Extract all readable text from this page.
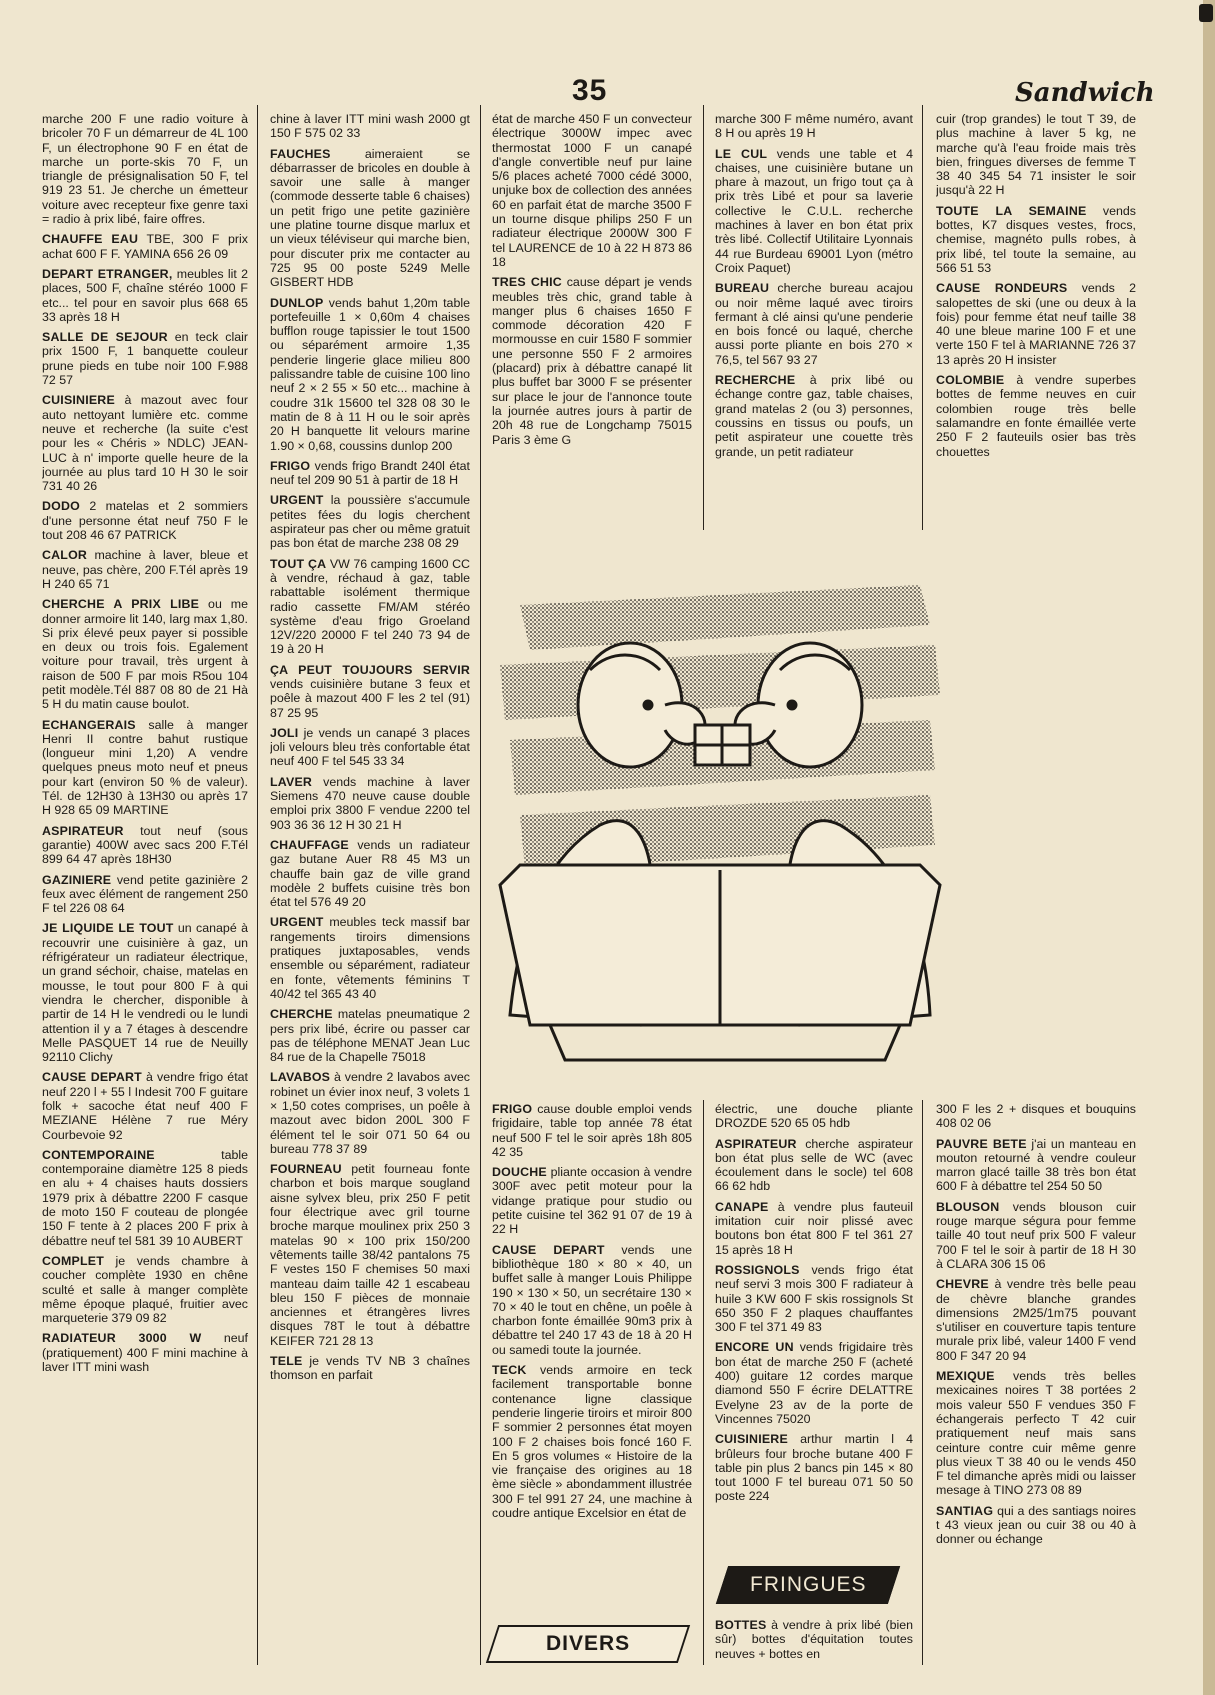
35	Sandwich

marche 200 F une radio voiture à bricoler 70 F un démarreur de 4L 100 F, un électrophone 90 F en état de marche un porte-skis 70 F, un triangle de présignalisation 50 F, tel 919 23 51. Je cherche un émetteur voiture avec recepteur fixe genre taxi = radio à prix libé, faire offres.

CHAUFFE EAU TBE, 300 F prix achat 600 F F. YAMINA 656 26 09

DEPART ETRANGER, meubles lit 2 places, 500 F, chaîne stéréo 1000 F etc... tel pour en savoir plus 668 65 33 après 18 H

SALLE DE SEJOUR en teck clair prix 1500 F, 1 banquette couleur prune pieds en tube noir 100 F.988 72 57

CUISINIERE à mazout avec four auto nettoyant lumière etc. comme neuve et recherche (la suite c'est pour les « Chéris » NDLC) JEAN-LUC à n' importe quelle heure de la journée au plus tard 10 H 30 le soir 731 40 26

DODO 2 matelas et 2 sommiers d'une personne état neuf 750 F le tout 208 46 67 PATRICK

CALOR machine à laver, bleue et neuve, pas chère, 200 F.Tél après 19 H 240 65 71

CHERCHE A PRIX LIBE ou me donner armoire lit 140, larg max 1,80. Si prix élevé peux payer si possible en deux ou trois fois. Egalement voiture pour travail, très urgent à raison de 500 F par mois R5ou 104 petit modèle.Tél 887 08 80 de 21 Hà 5 H du matin cause boulot.

ECHANGERAIS salle à manger Henri II contre bahut rustique (longueur mini 1,20) A vendre quelques pneus moto neuf et pneus pour kart (environ 50 % de valeur). Tél. de 12H30 à 13H30 ou après 17 H 928 65 09 MARTINE

ASPIRATEUR tout neuf (sous garantie) 400W avec sacs 200 F.Tél 899 64 47 après 18H30

GAZINIERE vend petite gazinière 2 feux avec élément de rangement 250 F tel 226 08 64

JE LIQUIDE LE TOUT un canapé à recouvrir une cuisinière à gaz, un réfrigérateur un radiateur électrique, un grand séchoir, chaise, matelas en mousse, le tout pour 800 F à qui viendra le chercher, disponible à partir de 14 H le vendredi ou le lundi attention il y a 7 étages à descendre Melle PASQUET 14 rue de Neuilly 92110 Clichy

CAUSE DEPART à vendre frigo état neuf 220 l + 55 l Indesit 700 F guitare folk + sacoche état neuf 400 F MEZIANE Hélène 7 rue Méry Courbevoie 92

CONTEMPORAINE	table contemporaine diamètre 125 8 pieds en alu + 4 chaises hauts dossiers 1979 prix à débattre 2200 F casque de moto 150 F couteau de plongée 150 F tente à 2 places 200 F prix à débattre neuf tel 581 39 10 AUBERT

COMPLET je vends chambre à coucher complète 1930 en chêne sculté et salle à manger complète même époque plaqué, fruitier avec marqueterie 379 09 82

RADIATEUR 3000 W neuf (pratiquement) 400 F mini machine à laver ITT mini wash

chine à laver ITT mini wash 2000 gt 150 F 575 02 33

FAUCHES	aimeraient se débarrasser de bricoles en double à savoir une salle à manger (commode desserte table 6 chaises) un petit frigo une petite gazinière une platine tourne disque marlux et un vieux téléviseur qui marche bien, pour discuter prix me contacter au 725 95 00 poste 5249 Melle GISBERT HDB

DUNLOP vends bahut 1,20m table portefeuille 1 × 0,60m 4 chaises bufflon rouge tapissier le tout 1500 ou séparément armoire 1,35 penderie lingerie glace milieu 800 palissandre table de cuisine 100 lino neuf 2 × 2 55 × 50 etc... machine à coudre 31k 15600 tel 328 08 30 le matin de 8 à 11 H ou le soir après 20 H banquette lit velours marine 1.90 × 0,68, coussins dunlop 200

FRIGO vends frigo Brandt 240l état neuf tel 209 90 51 à partir de 18 H

URGENT la poussière s'accumule petites fées du logis cherchent aspirateur pas cher ou même gratuit pas bon état de marche 238 08 29

TOUT ÇA VW 76 camping 1600 CC à vendre, réchaud à gaz, table rabattable isolément thermique radio cassette FM/AM stéréo système d'eau frigo Groeland 12V/220 20000 F tel 240 73 94 de 19 à 20 H

ÇA PEUT TOUJOURS SERVIR vends cuisinière butane 3 feux et poêle à mazout 400 F les 2 tel (91) 87 25 95

JOLI je vends un canapé 3 places joli velours bleu très confortable état neuf 400 F tel 545 33 34

LAVER vends machine à laver Siemens 470 neuve cause double emploi prix 3800 F vendue 2200 tel 903 36 36 12 H 30 21 H

CHAUFFAGE vends un radiateur gaz butane Auer R8 45 M3 un chauffe bain gaz de ville grand modèle 2 buffets cuisine très bon état tel 576 49 20

URGENT meubles teck massif bar rangements tiroirs dimensions pratiques juxtaposables, vends ensemble ou séparément, radiateur en fonte, vêtements féminins T 40/42 tel 365 43 40

CHERCHE matelas pneumatique 2 pers prix libé, écrire ou passer car pas de téléphone MENAT Jean Luc 84 rue de la Chapelle 75018

LAVABOS à vendre 2 lavabos avec robinet un évier inox neuf, 3 volets 1 × 1,50 cotes comprises, un poêle à mazout avec bidon 200L 300 F élément tel le soir 071 50 64 ou bureau 778 37 89

FOURNEAU petit fourneau fonte charbon et bois marque sougland aisne sylvex bleu, prix 250 F petit four électrique avec gril tourne broche marque moulinex prix 250 3 matelas 90 × 100 prix 150/200 vêtements taille 38/42 pantalons 75 F vestes 150 F chemises 50 maxi manteau daim taille 42 1 escabeau bleu 150 F pièces de monnaie anciennes et étrangères livres disques 78T le tout à débattre KEIFER 721 28 13

TELE je vends TV NB 3 chaînes thomson en parfait

état de marche 450 F un convecteur électrique 3000W impec avec thermostat 1000 F un canapé d'angle convertible neuf pur laine 5/6 places acheté 7000 cédé 3000, unjuke box de collection des années 60 en parfait état de marche 3500 F un tourne disque philips 250 F un radiateur électrique 2000W 300 F tel LAURENCE de 10 à 22 H 873 86 18

TRES CHIC cause départ je vends meubles très chic, grand table à manger plus 6 chaises 1650 F commode décoration 420 F mormousse en cuir 1580 F sommier une personne 550 F 2 armoires (placard) prix à débattre canapé lit plus buffet bar 3000 F se présenter sur place le jour de l'annonce toute la journée autres jours à partir de 20h 48 rue de Longchamp 75015 Paris 3 ème G

marche 300 F même numéro, avant 8 H ou après 19 H

LE CUL vends une table et 4 chaises, une cuisinière butane un phare à mazout, un frigo tout ça à prix très Libé et pour sa laverie collective le C.U.L. recherche machines à laver en bon état prix très libé. Collectif Utilitaire Lyonnais 44 rue Burdeau 69001 Lyon (métro Croix Paquet)

BUREAU cherche bureau acajou ou noir même laqué avec tiroirs fermant à clé ainsi qu'une penderie en bois foncé ou laqué, cherche aussi porte pliante en bois 270 × 76,5, tel 567 93 27

RECHERCHE à prix libé ou échange contre gaz, table chaises, grand matelas 2 (ou 3) personnes, coussins en tissus ou poufs, un petit aspirateur une couette très grande, un petit radiateur

cuir (trop grandes) le tout T 39, de plus machine à laver 5 kg, ne marche qu'à l'eau froide mais très bien, fringues diverses de femme T 38 40 345 54 71 insister le soir jusqu'à 22 H

TOUTE LA SEMAINE vends bottes, K7 disques vestes, frocs, chemise, magnéto pulls robes, à prix libé, tel toute la semaine, au 566 51 53

CAUSE RONDEURS vends 2 salopettes de ski (une ou deux à la fois) pour femme état neuf taille 38 40 une bleue marine 100 F et une verte 150 F tel à MARIANNE 726 37 13 après 20 H insister

COLOMBIE à vendre superbes bottes de femme neuves en cuir colombien rouge très belle salamandre en fonte émaillée verte 250 F 2 fauteuils osier bas très chouettes

FRIGO cause double emploi vends frigidaire, table top année 78 état neuf 500 F tel le soir après 18h 805 42 35

DOUCHE pliante occasion à vendre 300F avec petit moteur pour la vidange pratique pour studio ou petite cuisine tel 362 91 07 de 19 à 22 H

CAUSE DEPART vends une bibliothèque 180 × 80 × 40, un buffet salle à manger Louis Philippe 190 × 130 × 50, un secrétaire 130 × 70 × 40 le tout en chêne, un poêle à charbon fonte émaillée 90m3 prix à débattre tel 240 17 43 de 18 à 20 H ou samedi toute la journée.

TECK vends armoire en teck facilement transportable bonne contenance ligne classique penderie lingerie tiroirs et miroir 800 F sommier 2 personnes état moyen 100 F 2 chaises bois foncé 160 F. En 5 gros volumes « Histoire de la vie française des origines au 18 ème siècle » abondamment illustrée 300 F tel 991 27 24, une machine à coudre antique Excelsior en état de

électric, une douche pliante DROZDE 520 65 05 hdb

ASPIRATEUR cherche aspirateur bon état plus selle de WC (avec écoulement dans le socle) tel 608 66 62 hdb

CANAPE à vendre plus fauteuil imitation cuir noir plissé avec boutons bon état 800 F tel 361 27 15 après 18 H

ROSSIGNOLS vends frigo état neuf servi 3 mois 300 F radiateur à huile 3 KW 600 F skis rossignols St 650 350 F 2 plaques chauffantes 300 F tel 371 49 83

ENCORE UN vends frigidaire très bon état de marche 250 F (acheté 400) guitare 12 cordes marque diamond 550 F écrire DELATTRE Evelyne 23 av de la porte de Vincennes 75020

CUISINIERE arthur martin l 4 brûleurs four broche butane 400 F table pin plus 2 bancs pin 145 × 80 tout 1000 F tel bureau 071 50 50 poste 224

300 F les 2 + disques et bouquins 408 02 06

PAUVRE BETE j'ai un manteau en mouton retourné à vendre couleur marron glacé taille 38 très bon état 600 F à débattre tel 254 50 50

BLOUSON vends blouson cuir rouge marque ségura pour femme taille 40 tout neuf prix 500 F valeur 700 F tel le soir à partir de 18 H 30 à CLARA 306 15 06

CHEVRE à vendre très belle peau de chèvre blanche grandes dimensions 2M25/1m75 pouvant s'utiliser en couverture tapis tenture murale prix libé, valeur 1400 F vend 800 F 347 20 94

MEXIQUE vends très belles mexicaines noires T 38 portées 2 mois valeur 550 F vendues 350 F échangerais perfecto T 42 cuir pratiquement neuf mais sans ceinture contre cuir même genre plus vieux T 38 40 ou le vends 450 F tel dimanche après midi ou laisser mesage à TINO 273 08 89

SANTIAG qui a des santiags noires t 43 vieux jean ou cuir 38 ou 40 à donner ou échange

BOTTES à vendre à prix libé (bien sûr) bottes d'équitation toutes neuves + bottes en

FRINGUES
DIVERS
